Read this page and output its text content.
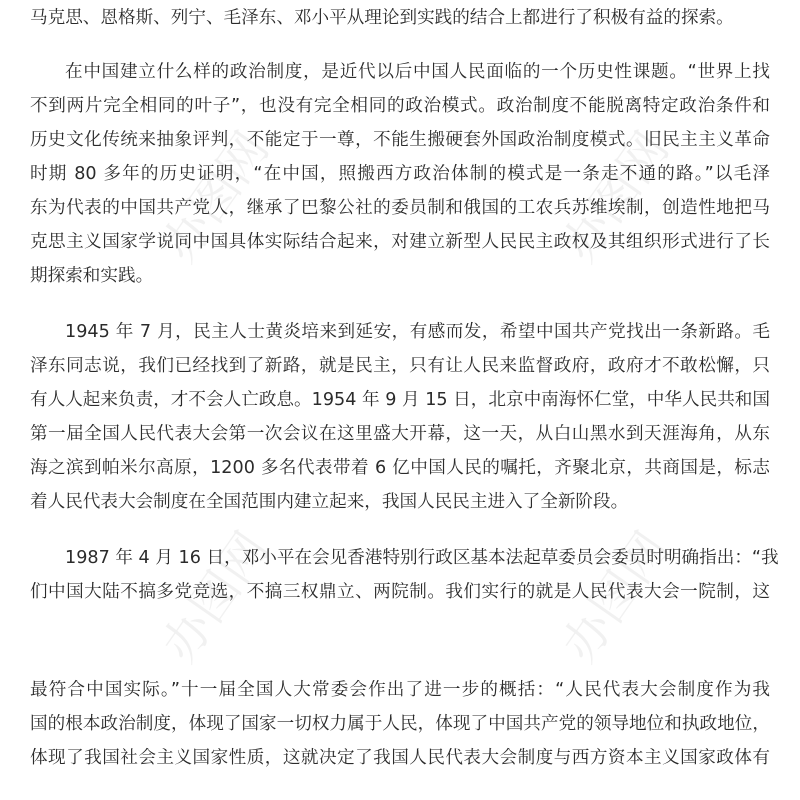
马克思、恩格斯、列宁、毛泽东、邓小平从理论到实践的结合上都进行了积极有益的探索。
在中国建立什么样的政治制度，是近代以后中国人民面临的一个历史性课题。“世界上找
不到两片完全相同的叶子”，也没有完全相同的政治模式。政治制度不能脱离特定政治条件和
历史文化传统来抽象评判，不能定于一尊，不能生搬硬套外国政治制度模式。旧民主主义革命
时期 80 多年的历史证明，“在中国，照搬西方政治体制的模式是一条走不通的路。”以毛泽
东为代表的中国共产党人，继承了巴黎公社的委员制和俄国的工农兵苏维埃制，创造性地把马
克思主义国家学说同中国具体实际结合起来，对建立新型人民民主政权及其组织形式进行了长
期探索和实践。
1945 年 7 月，民主人士黄炎培来到延安，有感而发，希望中国共产党找出一条新路。毛
泽东同志说，我们已经找到了新路，就是民主，只有让人民来监督政府，政府才不敢松懈，只
有人人起来负责，才不会人亡政息。1954 年 9 月 15 日，北京中南海怀仁堂，中华人民共和国
第一届全国人民代表大会第一次会议在这里盛大开幕，这一天，从白山黑水到天涯海角，从东
海之滨到帕米尔高原，1200 多名代表带着 6 亿中国人民的嘱托，齐聚北京，共商国是，标志
着人民代表大会制度在全国范围内建立起来，我国人民民主进入了全新阶段。
1987 年 4 月 16 日，邓小平在会见香港特别行政区基本法起草委员会委员时明确指出：“我
们中国大陆不搞多党竞选，不搞三权鼎立、两院制。我们实行的就是人民代表大会一院制，这
最符合中国实际。”十一届全国人大常委会作出了进一步的概括：“人民代表大会制度作为我
国的根本政治制度，体现了国家一切权力属于人民，体现了中国共产党的领导地位和执政地位，
体现了我国社会主义国家性质，这就决定了我国人民代表大会制度与西方资本主义国家政体有
办图网	办图网
办图网	办图网
